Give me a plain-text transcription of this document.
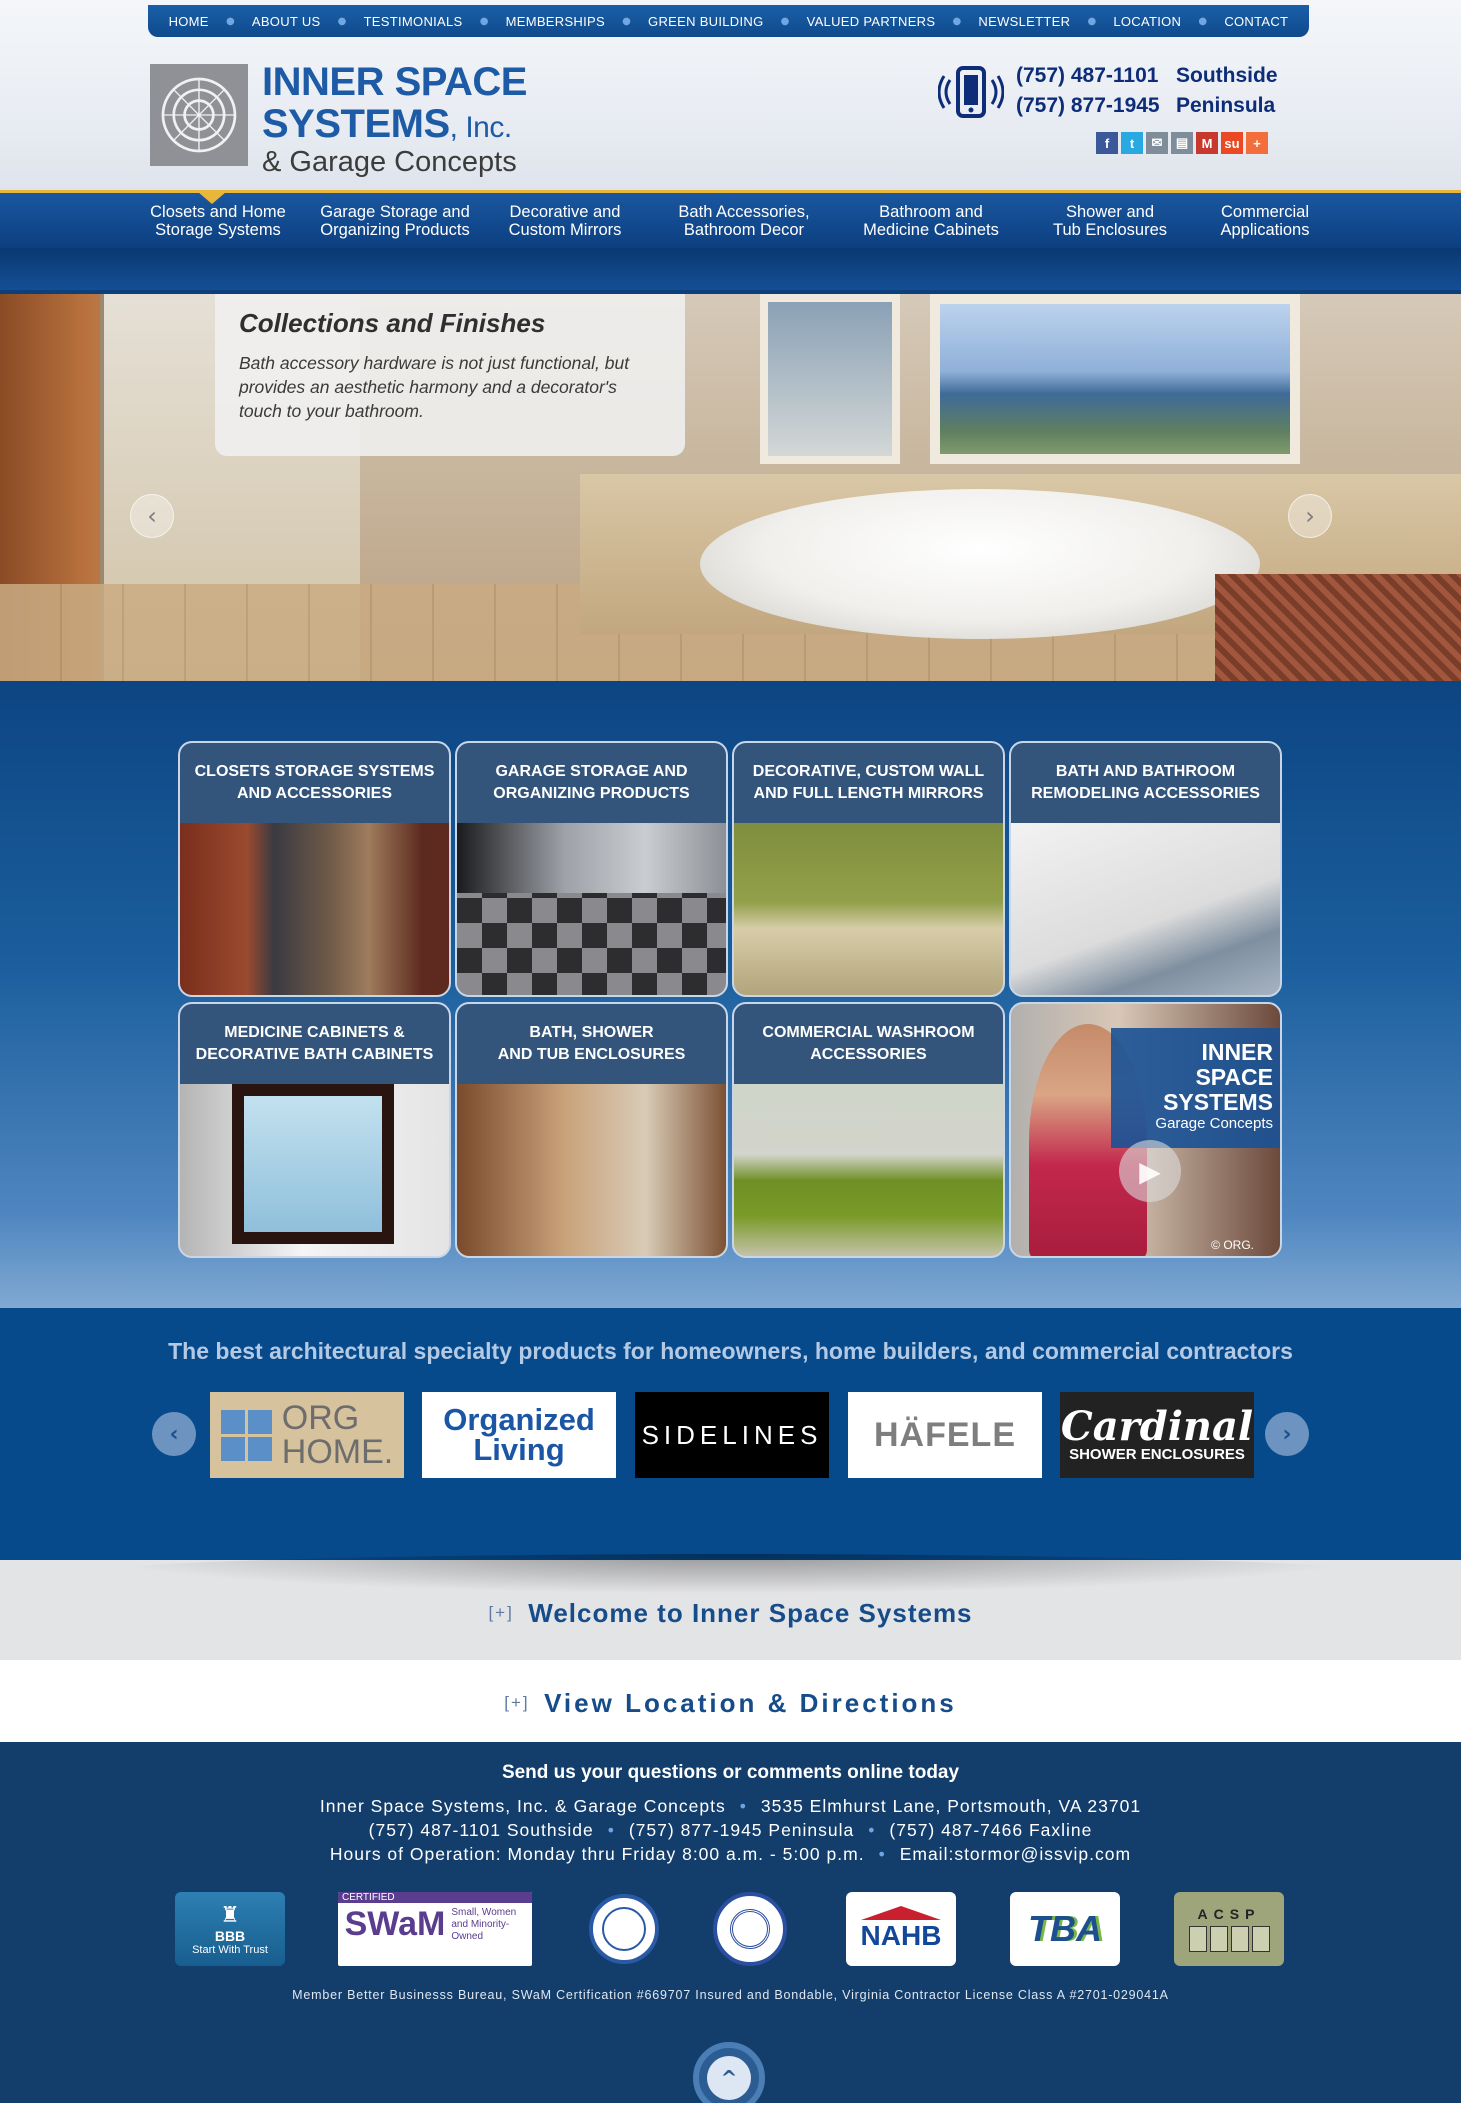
HOME ● ABOUT US ● TESTIMONIALS ● MEMBERSHIPS ● GREEN BUILDING ● VALUED PARTNERS ● NEWSLETTER ● LOCATION ● CONTACT
INNER SPACE
SYSTEMS, Inc.
& Garage Concepts
(757) 487-1101 Southside
(757) 877-1945 Peninsula
f	t	✉	▤	M su	+
Closets and Home
Storage Systems
Garage Storage and
Organizing Products
Decorative and
Custom Mirrors
Bath Accessories,
Bathroom Decor
Bathroom and
Medicine Cabinets
Shower and
Tub Enclosures
Commercial
Applications
Collections and Finishes

Bath accessory hardware is not just functional, but provides an aesthetic harmony and a decorator's touch to your bathroom.

‹	›
CLOSETS STORAGE SYSTEMS
AND ACCESSORIES
GARAGE STORAGE AND
ORGANIZING PRODUCTS
DECORATIVE, CUSTOM WALL
AND FULL LENGTH MIRRORS
BATH AND BATHROOM
REMODELING ACCESSORIES
MEDICINE CABINETS &
DECORATIVE BATH CABINETS
BATH, SHOWER
AND TUB ENCLOSURES
COMMERCIAL WASHROOM
ACCESSORIES	INNER
SPACE
SYSTEMS
Garage Concepts
▶
© ORG.
The best architectural specialty products for homeowners, home builders, and commercial contractors
‹	ORG
HOME.
Organized
Living	SIDELINES	HÄFELE	Cardinal
SHOWER ENCLOSURES
›
[+] Welcome to Inner Space Systems
[+] View Location & Directions
Send us your questions or comments online today
Inner Space Systems, Inc. & Garage Concepts • 3535 Elmhurst Lane, Portsmouth, VA 23701
(757) 487-1101 Southside • (757) 877-1945 Peninsula • (757) 487-7466 Faxline
Hours of Operation: Monday thru Friday 8:00 a.m. - 5:00 p.m. • Email:stormor@issvip.com
♜
BBB
Start With Trust
CERTIFIED
SWaM Small, Women and Minority-Owned	NAHB TBA	ACSP
Member Better Businesss Bureau, SWaM Certification #669707 Insured and Bondable, Virginia Contractor License Class A #2701-029041A
^
